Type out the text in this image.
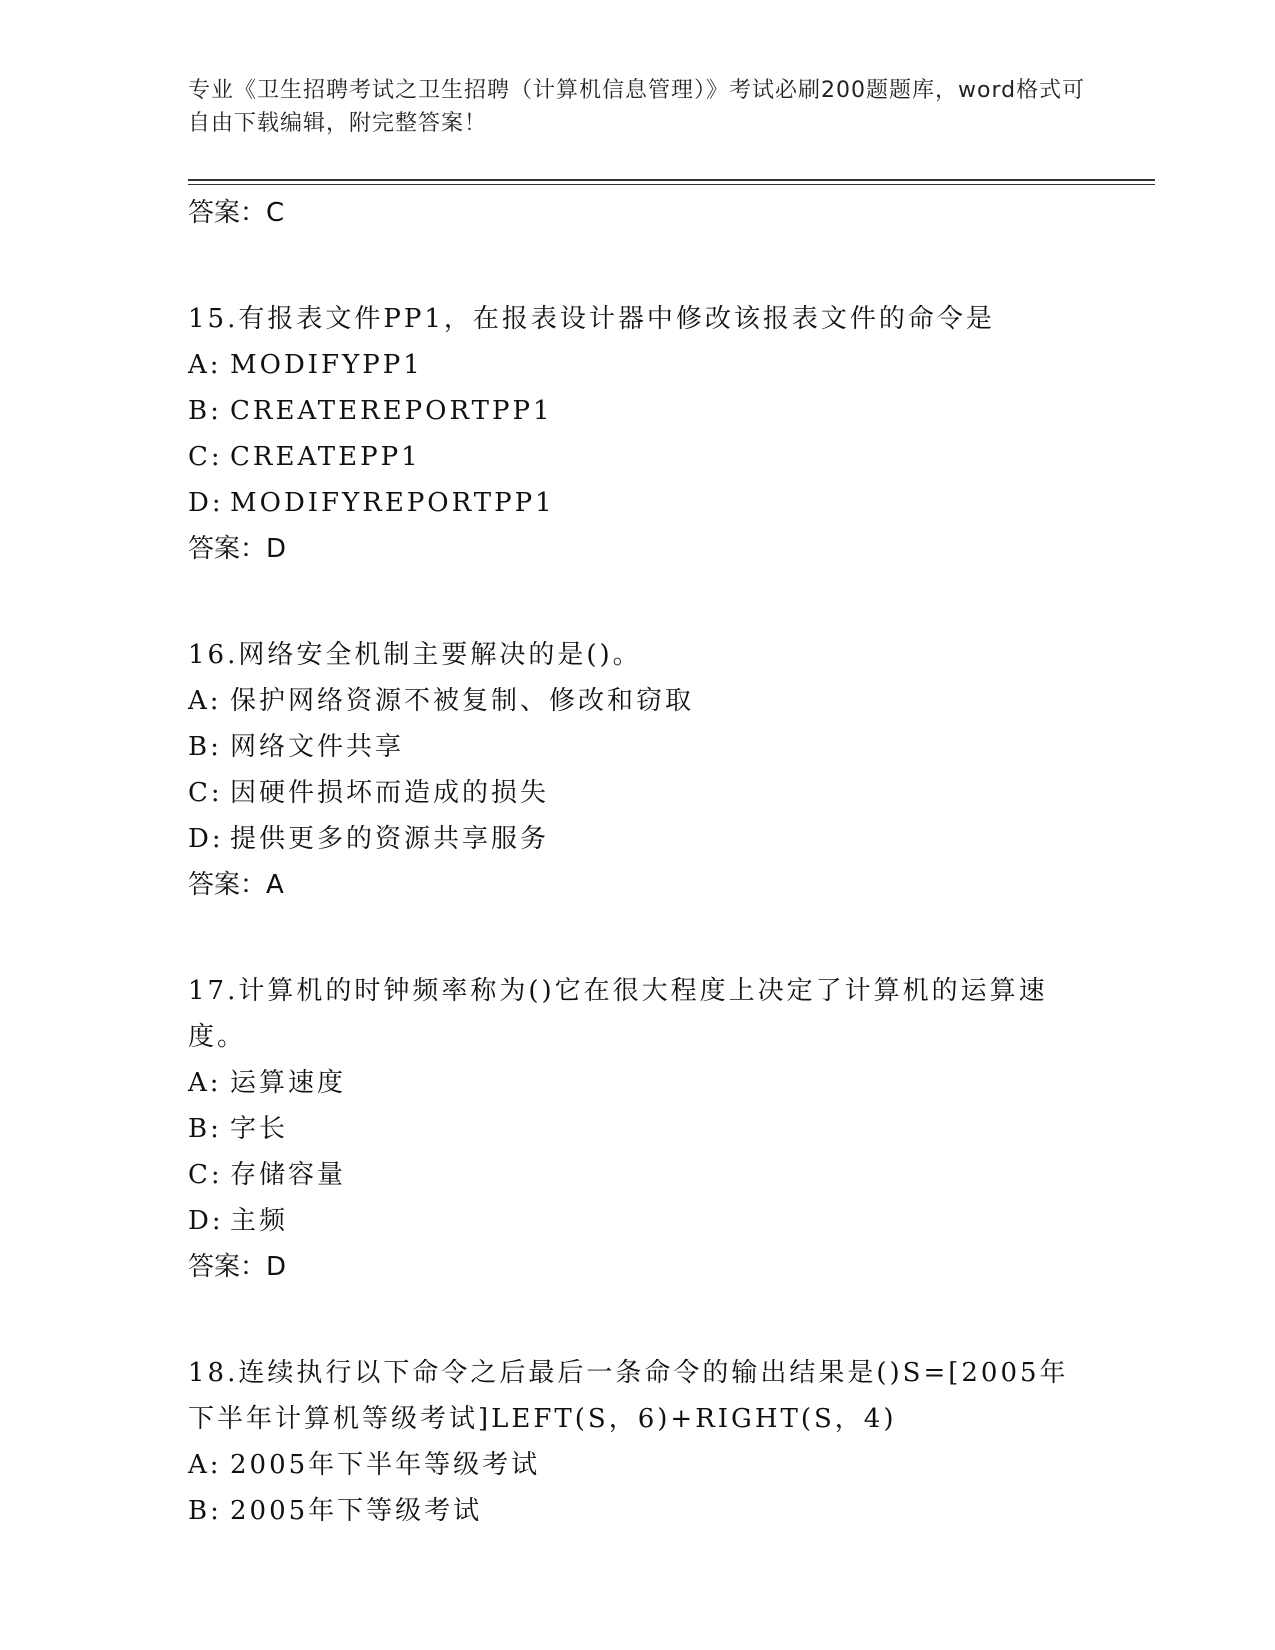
专业《卫生招聘考试之卫生招聘（计算机信息管理）》考试必刷200题题库，word格式可自由下载编辑，附完整答案！
答案：C
15.有报表文件PP1，在报表设计器中修改该报表文件的命令是
A: MODIFYPP1
B: CREATEREPORTPP1
C: CREATEPP1
D: MODIFYREPORTPP1
答案：D
16.网络安全机制主要解决的是()。
A: 保护网络资源不被复制、修改和窃取
B: 网络文件共享
C: 因硬件损坏而造成的损失
D: 提供更多的资源共享服务
答案：A
17.计算机的时钟频率称为()它在很大程度上决定了计算机的运算速度。
A: 运算速度
B: 字长
C: 存储容量
D: 主频
答案：D
18.连续执行以下命令之后最后一条命令的输出结果是()S=[2005年下半年计算机等级考试]LEFT(S，6)+RIGHT(S，4)
A: 2005年下半年等级考试
B: 2005年下等级考试
